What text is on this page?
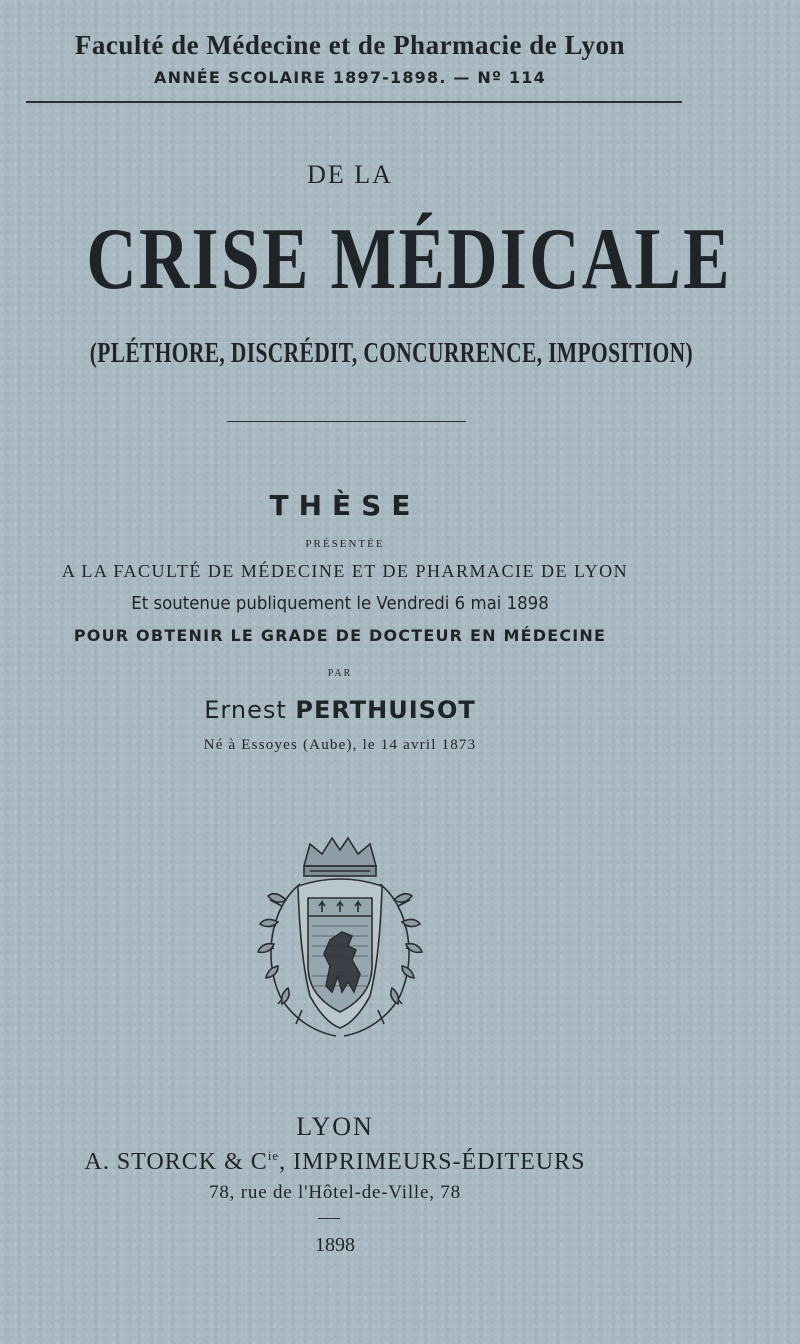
Faculté de Médecine et de Pharmacie de Lyon
ANNÉE SCOLAIRE 1897-1898. — Nº 114
DE LA
CRISE MÉDICALE
(PLÉTHORE, DISCRÉDIT, CONCURRENCE, IMPOSITION)
THÈSE
PRÉSENTÉE
A LA FACULTÉ DE MÉDECINE ET DE PHARMACIE DE LYON
Et soutenue publiquement le Vendredi 6 mai 1898
POUR OBTENIR LE GRADE DE DOCTEUR EN MÉDECINE
PAR
Ernest PERTHUISOT
Né à Essoyes (Aube), le 14 avril 1873
LYON
A. STORCK & $C^{ie}$, IMPRIMEURS-ÉDITEURS
78, rue de l'Hôtel-de-Ville, 78
1898
